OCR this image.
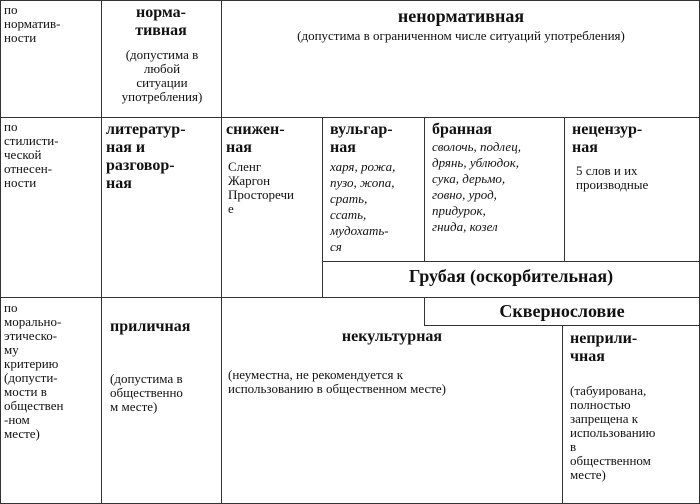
по
норматив-
ности
норма-
тивная
(допустима в
любой
ситуации
употребления)
ненормативная
(допустима в ограниченном числе ситуаций употребления)
по
стилисти-
ческой
отнесен-
ности
литератур-
ная и
разговор-
ная
снижен-
ная
Сленг
Жаргон
Просторечи
е
вульгар-
ная
харя, рожа,
пузо, жопа,
срать,
ссать,
мудохать-
ся
бранная
сволочь, подлец,
дрянь, ублюдок,
сука, дерьмо,
говно, урод,
придурок,
гнида, козел
нецензур-
ная
5 слов и их
производные
Грубая (оскорбительная)
по
морально-
этическо-
му
критерию
(допусти-
мости в
обществен
-ном
месте)
Сквернословие
приличная
(допустима в
общественно
м месте)
некультурная
(неуместна, не рекомендуется к
использованию в общественном месте)
неприли-
чная
(табуирована,
полностью
запрещена к
использованию
в
общественном
месте)
